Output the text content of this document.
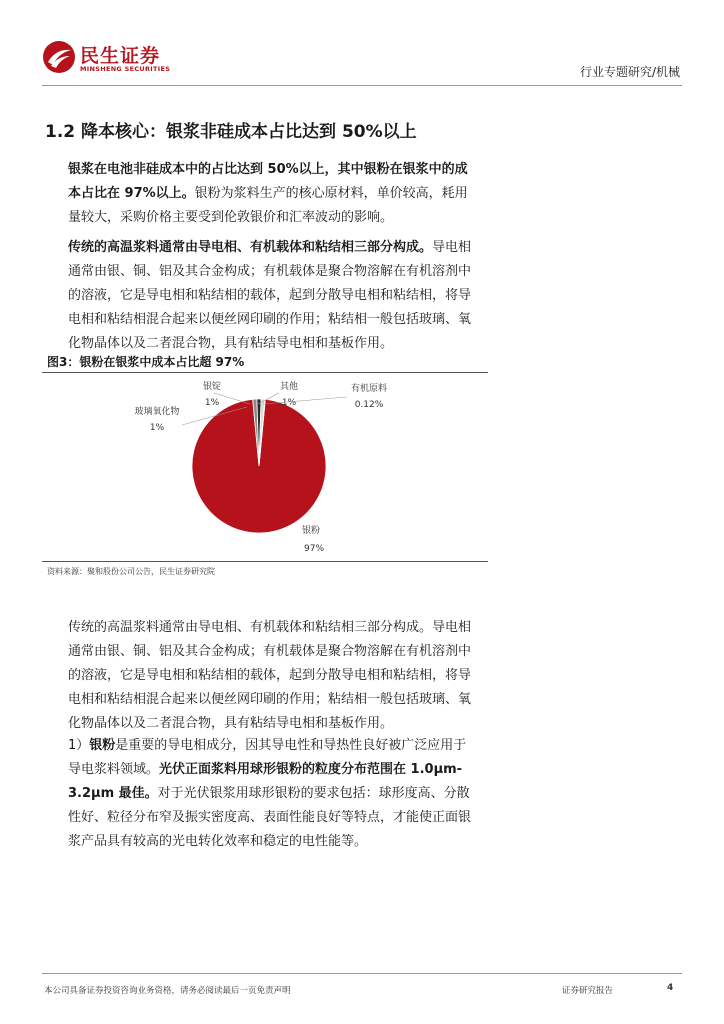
民生证券
MINSHENG SECURITIES	行业专题研究/机械
1.2 降本核心：银浆非硅成本占比达到 50%以上
银浆在电池非硅成本中的占比达到 50%以上，其中银粉在银浆中的成本占比在 97%以上。银粉为浆料生产的核心原材料，单价较高，耗用量较大，采购价格主要受到伦敦银价和汇率波动的影响。
传统的高温浆料通常由导电相、有机载体和粘结相三部分构成。导电相通常由银、铜、铝及其合金构成；有机载体是聚合物溶解在有机溶剂中的溶液，它是导电相和粘结相的载体，起到分散导电相和粘结相，将导电相和粘结相混合起来以便丝网印刷的作用；粘结相一般包括玻璃、氧化物晶体以及二者混合物，具有粘结导电相和基板作用。
图3：银粉在银浆中成本占比超 97%
银粉
97%
玻璃氧化物
1%
银锭
1%
其他
1%
有机原料
0.12%
资料来源：聚和股份公司公告，民生证券研究院
传统的高温浆料通常由导电相、有机载体和粘结相三部分构成。导电相通常由银、铜、铝及其合金构成；有机载体是聚合物溶解在有机溶剂中的溶液，它是导电相和粘结相的载体，起到分散导电相和粘结相，将导电相和粘结相混合起来以便丝网印刷的作用；粘结相一般包括玻璃、氧化物晶体以及二者混合物，具有粘结导电相和基板作用。
1）银粉是重要的导电相成分，因其导电性和导热性良好被广泛应用于导电浆料领域。光伏正面浆料用球形银粉的粒度分布范围在 1.0μm-3.2μm 最佳。对于光伏银浆用球形银粉的要求包括：球形度高、分散性好、粒径分布窄及振实密度高、表面性能良好等特点，才能使正面银浆产品具有较高的光电转化效率和稳定的电性能等。
本公司具备证券投资咨询业务资格，请务必阅读最后一页免责声明	证券研究报告	4
